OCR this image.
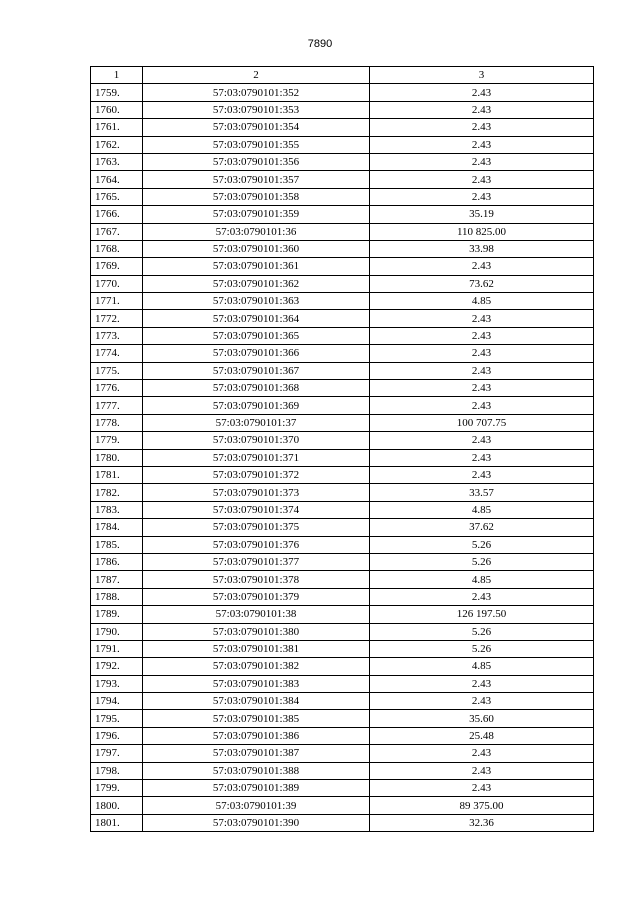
7890
1	2	3
1759.	57:03:0790101:352	2.43
1760.	57:03:0790101:353	2.43
1761.	57:03:0790101:354	2.43
1762.	57:03:0790101:355	2.43
1763.	57:03:0790101:356	2.43
1764.	57:03:0790101:357	2.43
1765.	57:03:0790101:358	2.43
1766.	57:03:0790101:359	35.19
1767.	57:03:0790101:36	110 825.00
1768.	57:03:0790101:360	33.98
1769.	57:03:0790101:361	2.43
1770.	57:03:0790101:362	73.62
1771.	57:03:0790101:363	4.85
1772.	57:03:0790101:364	2.43
1773.	57:03:0790101:365	2.43
1774.	57:03:0790101:366	2.43
1775.	57:03:0790101:367	2.43
1776.	57:03:0790101:368	2.43
1777.	57:03:0790101:369	2.43
1778.	57:03:0790101:37	100 707.75
1779.	57:03:0790101:370	2.43
1780.	57:03:0790101:371	2.43
1781.	57:03:0790101:372	2.43
1782.	57:03:0790101:373	33.57
1783.	57:03:0790101:374	4.85
1784.	57:03:0790101:375	37.62
1785.	57:03:0790101:376	5.26
1786.	57:03:0790101:377	5.26
1787.	57:03:0790101:378	4.85
1788.	57:03:0790101:379	2.43
1789.	57:03:0790101:38	126 197.50
1790.	57:03:0790101:380	5.26
1791.	57:03:0790101:381	5.26
1792.	57:03:0790101:382	4.85
1793.	57:03:0790101:383	2.43
1794.	57:03:0790101:384	2.43
1795.	57:03:0790101:385	35.60
1796.	57:03:0790101:386	25.48
1797.	57:03:0790101:387	2.43
1798.	57:03:0790101:388	2.43
1799.	57:03:0790101:389	2.43
1800.	57:03:0790101:39	89 375.00
1801.	57:03:0790101:390	32.36
